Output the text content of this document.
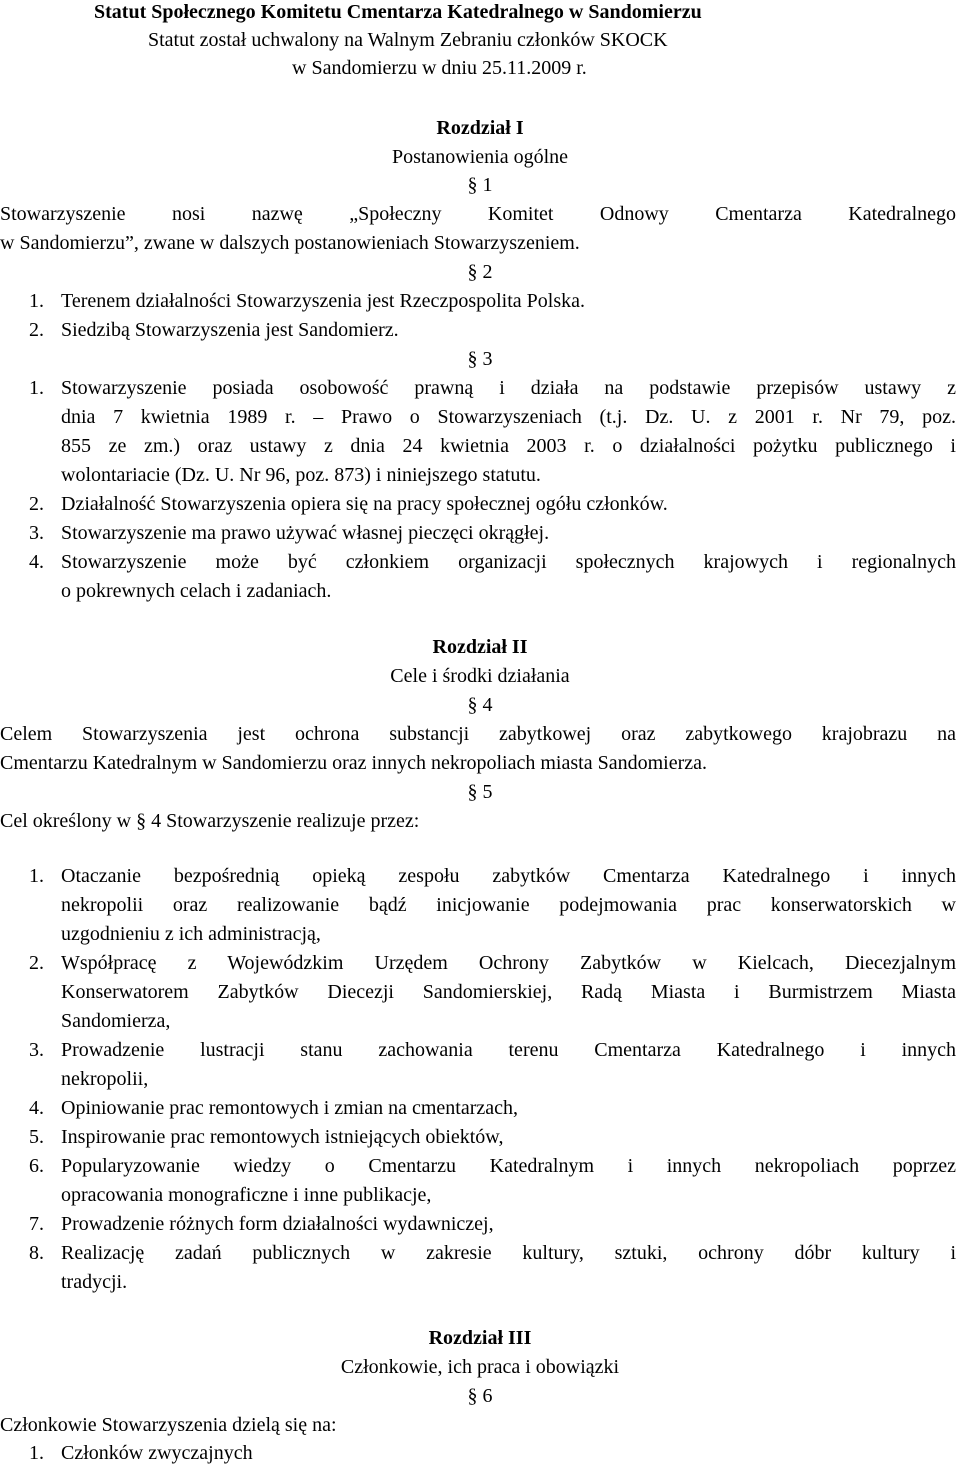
Statut Społecznego Komitetu Cmentarza Katedralnego w Sandomierzu
Statut został uchwalony na Walnym Zebraniu członków SKOCK
w Sandomierzu w dniu 25.11.2009 r.
Rozdział I
Postanowienia ogólne
§ 1
Stowarzyszenie nosi nazwę „Społeczny Komitet Odnowy Cmentarza Katedralnego
w Sandomierzu”, zwane w dalszych postanowieniach Stowarzyszeniem.
§ 2
1. Terenem działalności Stowarzyszenia jest Rzeczpospolita Polska.
2. Siedzibą Stowarzyszenia jest Sandomierz.
§ 3
1. Stowarzyszenie posiada osobowość prawną i działa na podstawie przepisów ustawy z
dnia 7 kwietnia 1989 r. – Prawo o Stowarzyszeniach (t.j. Dz. U. z 2001 r. Nr 79, poz.
855 ze zm.) oraz ustawy z dnia 24 kwietnia 2003 r. o działalności pożytku publicznego i
wolontariacie (Dz. U. Nr 96, poz. 873) i niniejszego statutu.
2. Działalność Stowarzyszenia opiera się na pracy społecznej ogółu członków.
3. Stowarzyszenie ma prawo używać własnej pieczęci okrągłej.
4. Stowarzyszenie może być członkiem organizacji społecznych krajowych i regionalnych
o pokrewnych celach i zadaniach.
Rozdział II
Cele i środki działania
§ 4
Celem Stowarzyszenia jest ochrona substancji zabytkowej oraz zabytkowego krajobrazu na
Cmentarzu Katedralnym w Sandomierzu oraz innych nekropoliach miasta Sandomierza.
§ 5
Cel określony w § 4 Stowarzyszenie realizuje przez:
1. Otaczanie bezpośrednią opieką zespołu zabytków Cmentarza Katedralnego i innych
nekropolii oraz realizowanie bądź inicjowanie podejmowania prac konserwatorskich w
uzgodnieniu z ich administracją,
2. Współpracę z Wojewódzkim Urzędem Ochrony Zabytków w Kielcach, Diecezjalnym
Konserwatorem Zabytków Diecezji Sandomierskiej, Radą Miasta i Burmistrzem Miasta
Sandomierza,
3. Prowadzenie lustracji stanu zachowania terenu Cmentarza Katedralnego i innych
nekropolii,
4. Opiniowanie prac remontowych i zmian na cmentarzach,
5. Inspirowanie prac remontowych istniejących obiektów,
6. Popularyzowanie wiedzy o Cmentarzu Katedralnym i innych nekropoliach poprzez
opracowania monograficzne i inne publikacje,
7. Prowadzenie różnych form działalności wydawniczej,
8. Realizację zadań publicznych w zakresie kultury, sztuki, ochrony dóbr kultury i
tradycji.
Rozdział III
Członkowie, ich praca i obowiązki
§ 6
Członkowie Stowarzyszenia dzielą się na:
1. Członków zwyczajnych
